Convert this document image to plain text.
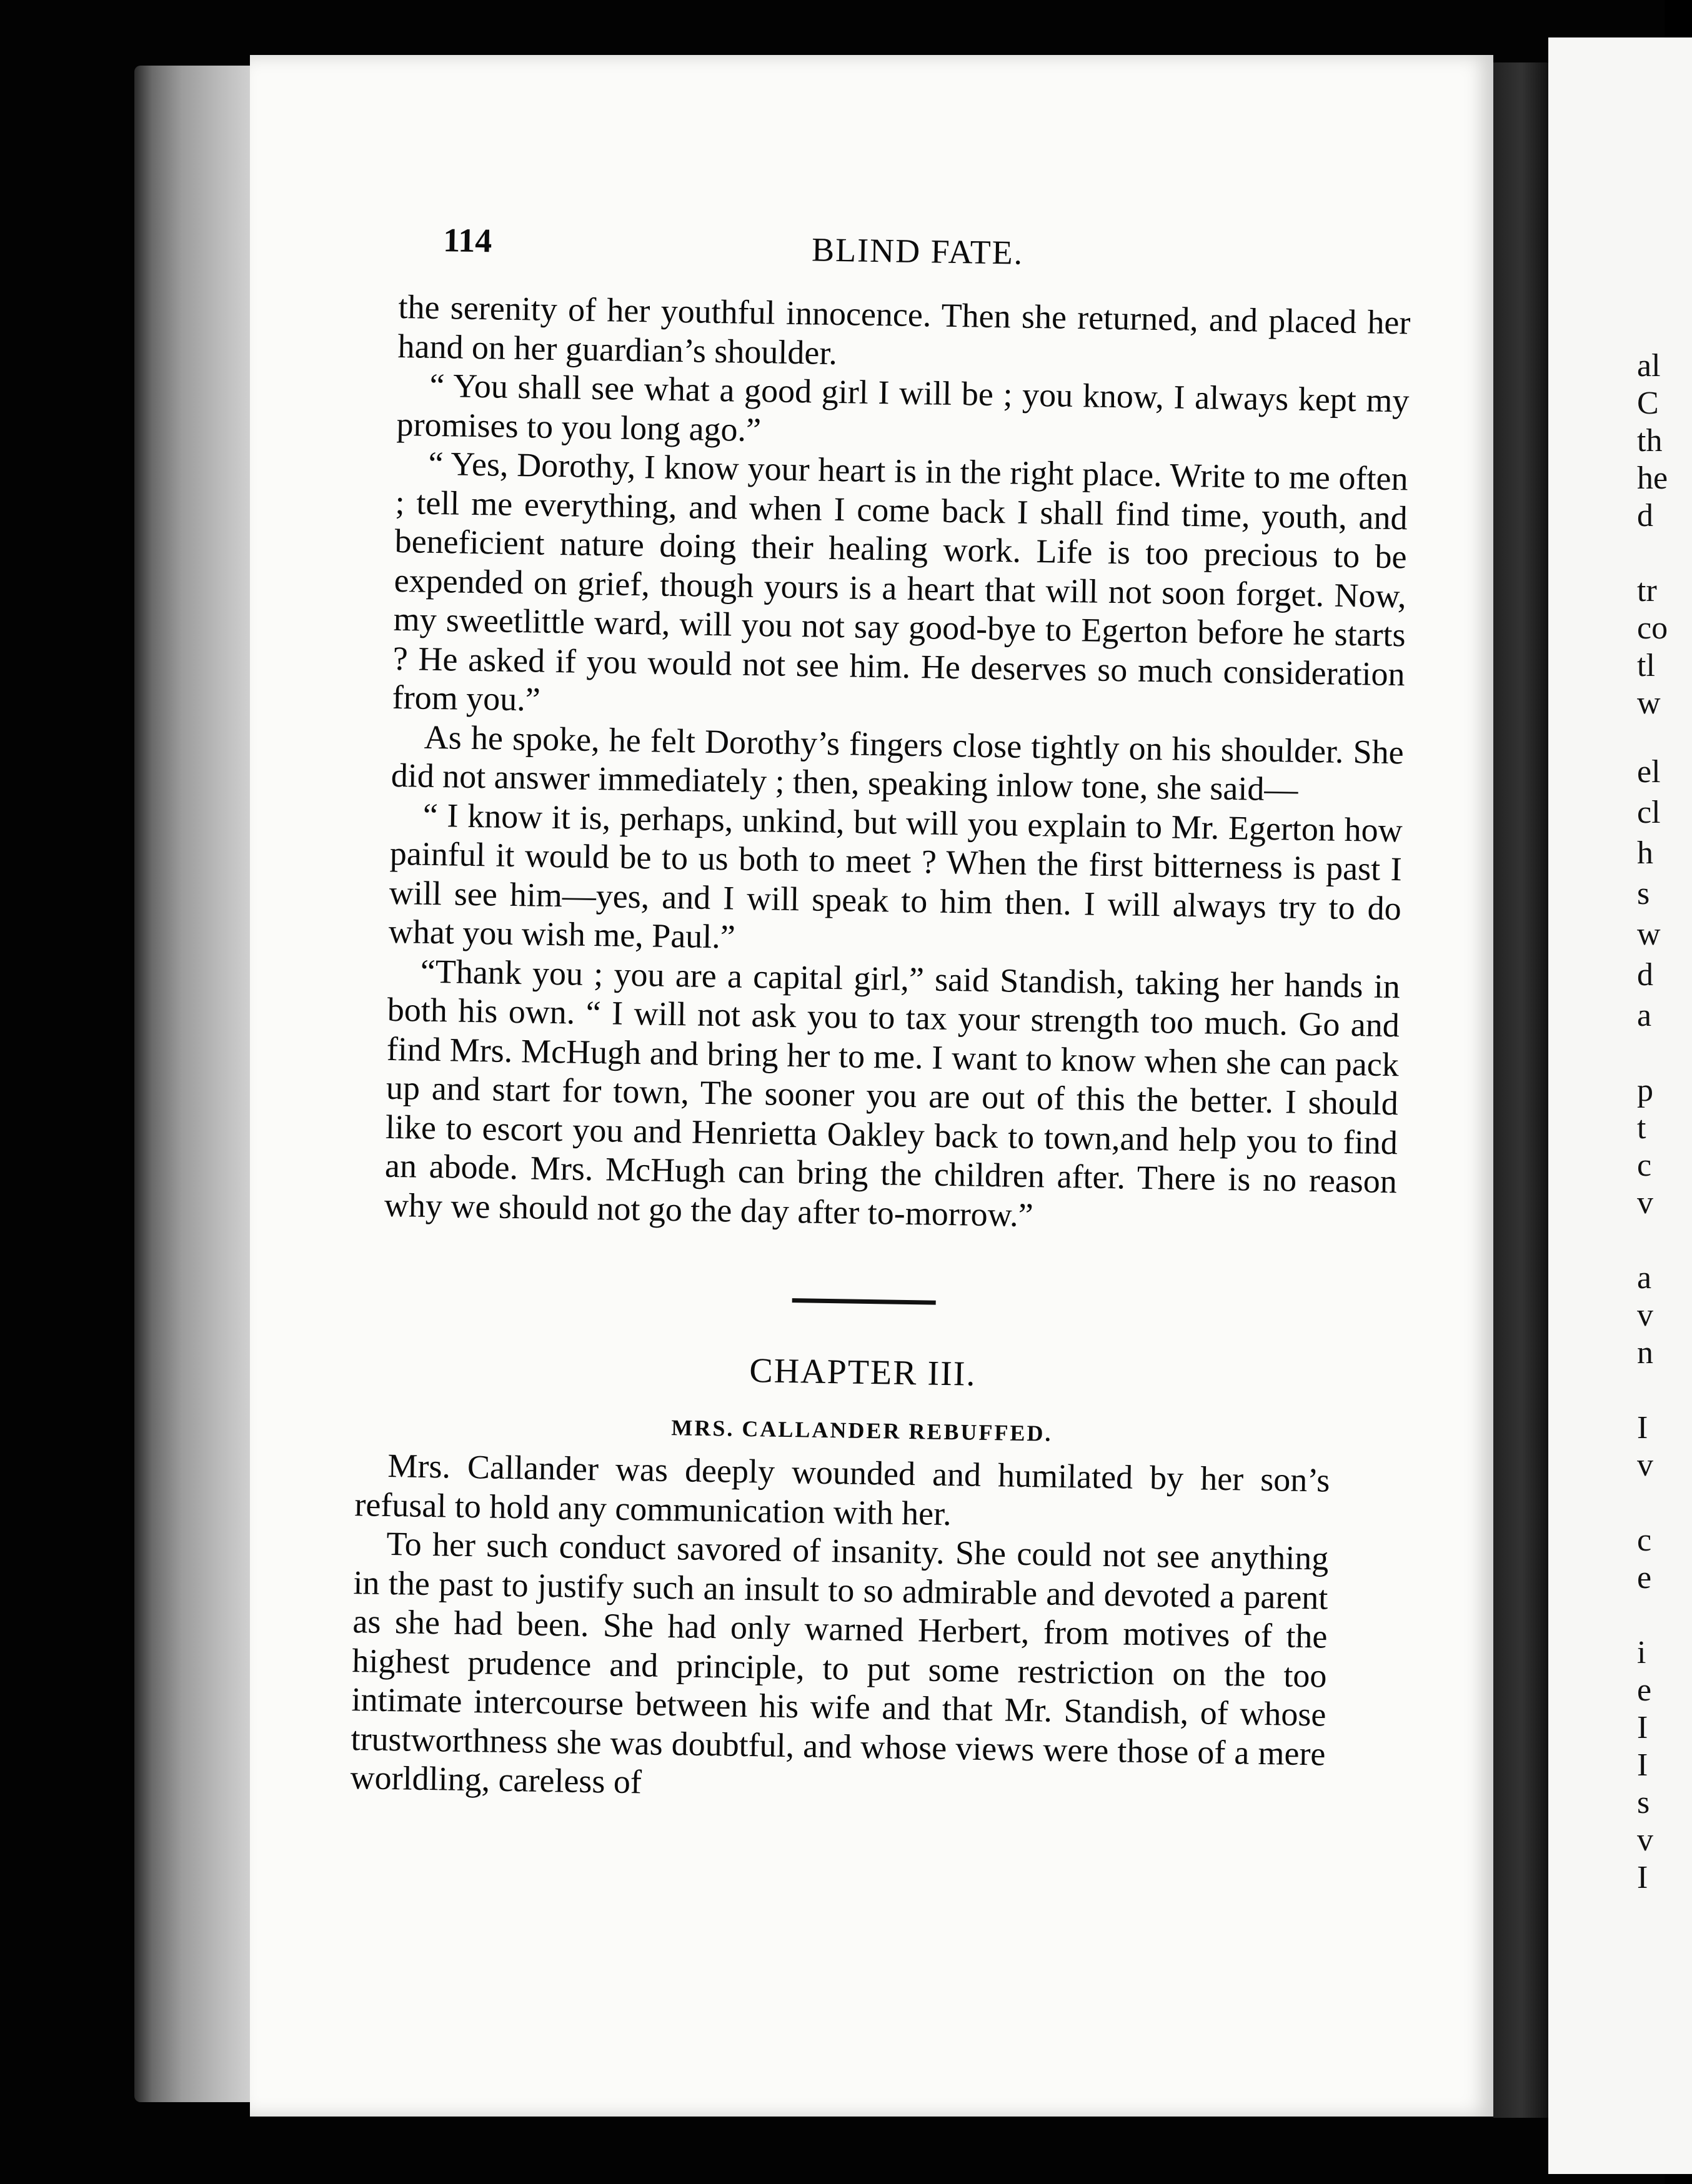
al
C
th
he
d
tr
co
tl
w
el
cl
h
s
w
d
a
p
t
c
v
a
v
n
I
v
c
e
i
e
I
I
s
v
I
114	BLIND FATE.

the serenity of her youthful innocence. Then she returned, and placed her hand on her guardian’s shoulder.

“ You shall see what a good girl I will be ; you know, I always kept my promises to you long ago.”

“ Yes, Dorothy, I know your heart is in the right place. Write to me often ; tell me everything, and when I come back I shall find time, youth, and beneficient nature doing their healing work. Life is too precious to be expended on grief, though yours is a heart that will not soon forget. Now, my sweetlittle ward, will you not say good-bye to Egerton before he starts ? He asked if you would not see him. He deserves so much consideration from you.”

As he spoke, he felt Dorothy’s fingers close tightly on his shoulder. She did not answer immediately ; then, speaking inlow tone, she said—

“ I know it is, perhaps, unkind, but will you explain to Mr. Egerton how painful it would be to us both to meet ? When the first bitterness is past I will see him—yes, and I will speak to him then. I will always try to do what you wish me, Paul.”

“Thank you ; you are a capital girl,” said Standish, taking her hands in both his own. “ I will not ask you to tax your strength too much. Go and find Mrs. McHugh and bring her to me. I want to know when she can pack up and start for town, The sooner you are out of this the better. I should like to escort you and Henrietta Oakley back to town,and help you to find an abode. Mrs. McHugh can bring the children after. There is no reason why we should not go the day after to-morrow.”

CHAPTER III.
MRS. CALLANDER REBUFFED.

Mrs. Callander was deeply wounded and humilated by her son’s refusal to hold any communication with her.

To her such conduct savored of insanity. She could not see anything in the past to justify such an insult to so admirable and devoted a parent as she had been. She had only warned Herbert, from motives of the highest prudence and principle, to put some restriction on the too intimate intercourse between his wife and that Mr. Standish, of whose trustworthness she was doubtful, and whose views were those of a mere worldling, careless of
